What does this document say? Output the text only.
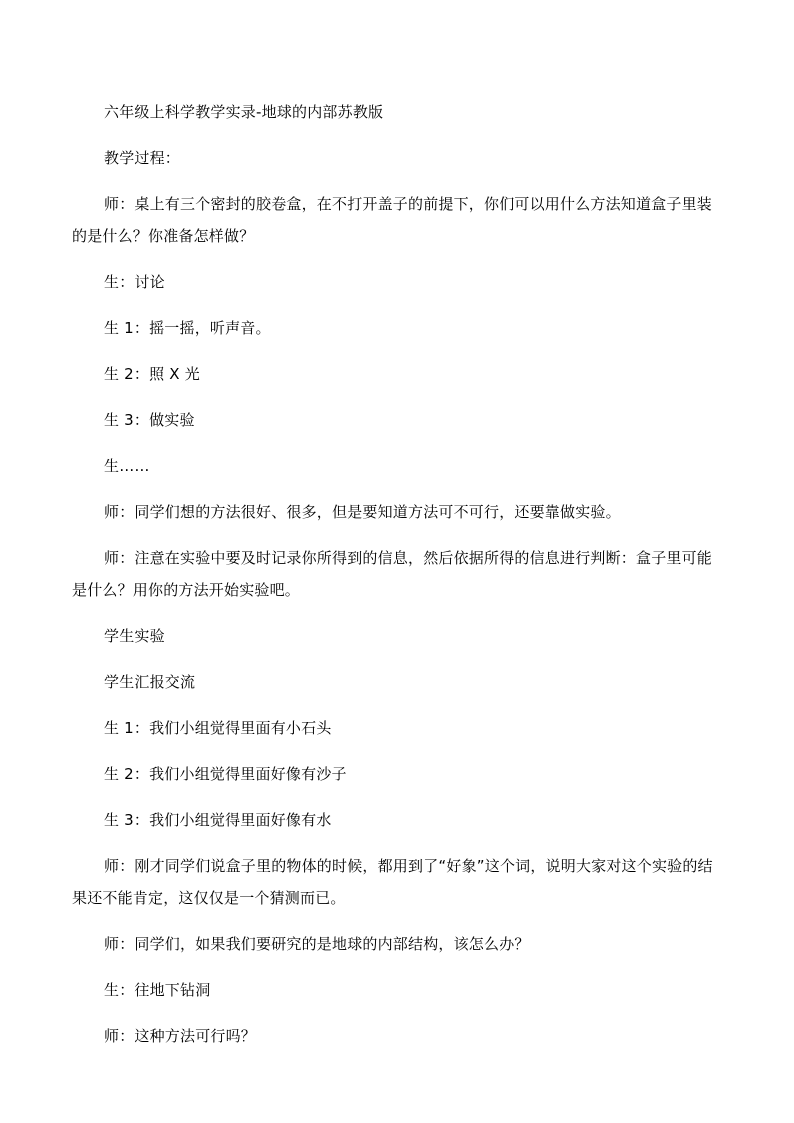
六年级上科学教学实录-地球的内部苏教版

教学过程：

师：桌上有三个密封的胶卷盒，在不打开盖子的前提下，你们可以用什么方法知道盒子里装的是什么？你准备怎样做？

生：讨论

生 1：摇一摇，听声音。

生 2：照 X 光

生 3：做实验

生……

师：同学们想的方法很好、很多，但是要知道方法可不可行，还要靠做实验。

师：注意在实验中要及时记录你所得到的信息，然后依据所得的信息进行判断：盒子里可能是什么？用你的方法开始实验吧。

学生实验

学生汇报交流

生 1：我们小组觉得里面有小石头

生 2：我们小组觉得里面好像有沙子

生 3：我们小组觉得里面好像有水

师：刚才同学们说盒子里的物体的时候，都用到了“好象”这个词，说明大家对这个实验的结果还不能肯定，这仅仅是一个猜测而已。

师：同学们，如果我们要研究的是地球的内部结构，该怎么办？

生：往地下钻洞

师：这种方法可行吗？
